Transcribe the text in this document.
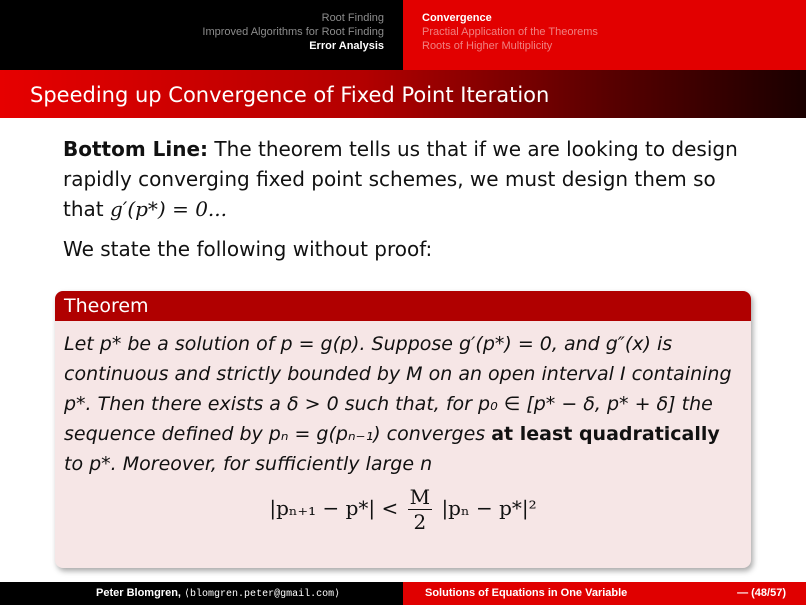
Root Finding
Improved Algorithms for Root Finding
Error Analysis
Convergence
Practial Application of the Theorems
Roots of Higher Multiplicity
Speeding up Convergence of Fixed Point Iteration

Bottom Line: The theorem tells us that if we are looking to design rapidly converging fixed point schemes, we must design them so that g′(p*) = 0...

We state the following without proof:

Theorem
Let p* be a solution of p = g(p). Suppose g′(p*) = 0, and g″(x) is continuous and strictly bounded by M on an open interval I containing p*. Then there exists a δ > 0 such that, for p₀ ∈ [p* − δ, p* + δ] the sequence defined by pₙ = g(pₙ₋₁) converges at least quadratically to p*. Moreover, for sufficiently large n
$|p_{n+1} - p*| < \frac{M}{2} |p_n - p*|^2$
Peter Blomgren, ⟨blomgren.peter@gmail.com⟩	Solutions of Equations in One Variable	— (48/57)
